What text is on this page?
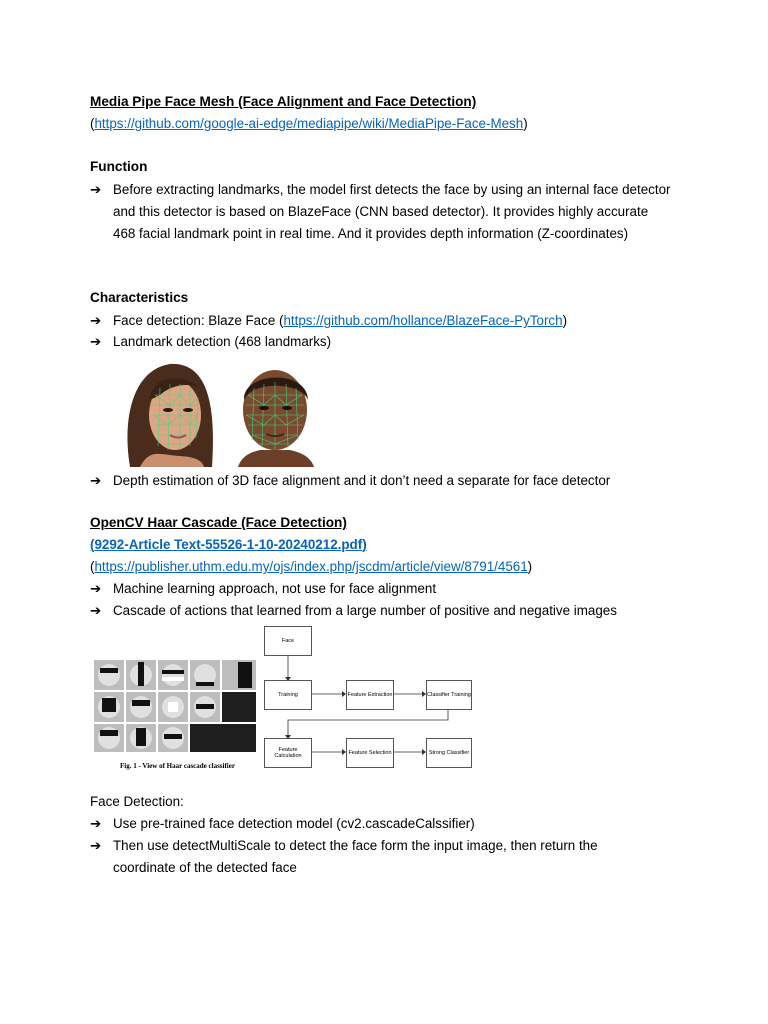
Media Pipe Face Mesh (Face Alignment and Face Detection)
(https://github.com/google-ai-edge/mediapipe/wiki/MediaPipe-Face-Mesh)
Function
➔ Before extracting landmarks, the model first detects the face by using an internal face detector and this detector is based on BlazeFace (CNN based detector). It provides highly accurate 468 facial landmark point in real time. And it provides depth information (Z-coordinates)
Characteristics
➔ Face detection: Blaze Face (https://github.com/hollance/BlazeFace-PyTorch)
➔ Landmark detection (468 landmarks)
➔ Depth estimation of 3D face alignment and it don’t need a separate for face detector
OpenCV Haar Cascade (Face Detection)
(9292-Article Text-55526-1-10-20240212.pdf)
(https://publisher.uthm.edu.my/ojs/index.php/jscdm/article/view/8791/4561)
➔ Machine learning approach, not use for face alignment
➔ Cascade of actions that learned from a large number of positive and negative images
Fig. 1 - View of Haar cascade classifier
Face
Training	Feature Extraction	Classifier Training
Feature Calculation	Feature Selection	Strong Classifier
Face Detection:
➔ Use pre-trained face detection model (cv2.cascadeCalssifier)
➔ Then use detectMultiScale to detect the face form the input image, then return the coordinate of the detected face
